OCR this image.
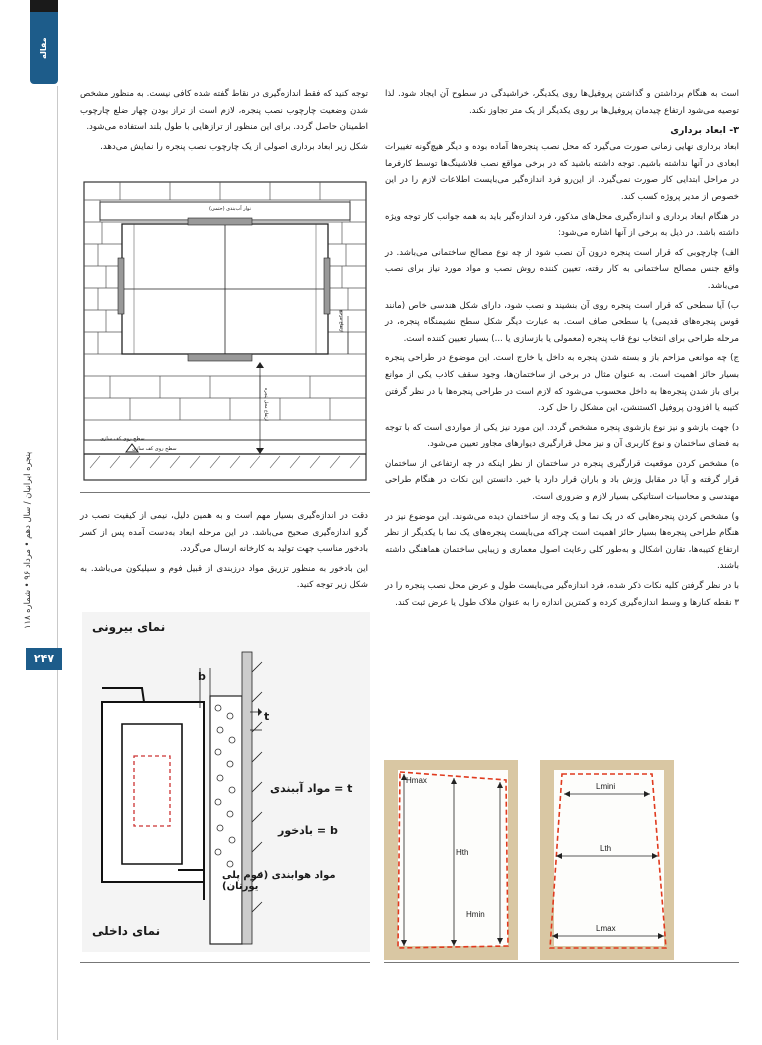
مقاله
پنجره ایرانیان / سال دهم • مرداد ۹۶ • شماره ۱۱۸
۲۴۷

است به هنگام برداشتن و گذاشتن پروفیل‌ها روی یکدیگر، خراشیدگی در سطوح آن ایجاد شود. لذا توصیه می‌شود ارتفاع چیدمان پروفیل‌ها بر روی یکدیگر از یک متر تجاوز نکند.

۳- ابعاد برداری

ابعاد برداری نهایی زمانی صورت می‌گیرد که محل نصب پنجره‌ها آماده بوده و دیگر هیچ‌گونه تغییرات ابعادی در آنها نداشته باشیم. توجه داشته باشید که در برخی مواقع نصب فلاشینگ‌ها توسط کارفرما در مراحل ابتدایی کار صورت نمی‌گیرد. از این‌رو فرد اندازه‌گیر می‌بایست اطلاعات لازم را در این خصوص از مدیر پروژه کسب کند.

در هنگام ابعاد برداری و اندازه‌گیری محل‌های مذکور، فرد اندازه‌گیر باید به همه جوانب کار توجه ویژه داشته باشد. در ذیل به برخی از آنها اشاره می‌شود:

الف) چارچوبی که قرار است پنجره درون آن نصب شود از چه نوع مصالح ساختمانی می‌باشد. در واقع جنس مصالح ساختمانی به کار رفته، تعیین کننده روش نصب و مواد مورد نیاز برای نصب می‌باشد.

ب) آیا سطحی که قرار است پنجره روی آن بنشیند و نصب شود، دارای شکل هندسی خاص (مانند قوس پنجره‌های قدیمی) یا سطحی صاف است. به عبارت دیگر شکل سطح نشیمنگاه پنجره، در مرحله طراحی برای انتخاب نوع قاب پنجره (معمولی یا بازسازی یا ...) بسیار تعیین کننده است.

ج) چه موانعی مزاحم باز و بسته شدن پنجره به داخل یا خارج است. این موضوع در طراحی پنجره بسیار حائز اهمیت است. به عنوان مثال در برخی از ساختمان‌ها، وجود سقف کاذب یکی از موانع برای باز شدن پنجره‌ها به داخل محسوب می‌شود که لازم است در طراحی پنجره‌ها با در نظر گرفتن کتیبه یا افزودن پروفیل اکستنشن، این مشکل را حل کرد.

د) جهت بازشو و نیز نوع بازشوی پنجره مشخص گردد. این مورد نیز یکی از مواردی است که با توجه به فضای ساختمان و نوع کاربری آن و نیز محل قرارگیری دیوارهای مجاور تعیین می‌شود.

ه) مشخص کردن موقعیت قرارگیری پنجره در ساختمان از نظر اینکه در چه ارتفاعی از ساختمان قرار گرفته و آیا در مقابل وزش باد و باران قرار دارد یا خیر. دانستن این نکات در هنگام طراحی مهندسی و محاسبات استاتیکی بسیار لازم و ضروری است.

و) مشخص کردن پنجره‌هایی که در یک نما و یک وجه از ساختمان دیده می‌شوند. این موضوع نیز در هنگام طراحی پنجره‌ها بسیار حائز اهمیت است چراکه می‌بایست پنجره‌های یک نما با یکدیگر از نظر ارتفاع کتیبه‌ها، تقارن اشکال و به‌طور کلی رعایت اصول معماری و زیبایی ساختمان هماهنگی داشته باشند.

با در نظر گرفتن کلیه نکات ذکر شده، فرد اندازه‌گیر می‌بایست طول و عرض محل نصب پنجره را در ۳ نقطه کنارها و وسط اندازه‌گیری کرده و کمترین اندازه را به عنوان ملاک طول یا عرض ثبت کند.

توجه کنید که فقط اندازه‌گیری در نقاط گفته شده کافی نیست. به منظور مشخص شدن وضعیت چارچوب نصب پنجره، لازم است از تراز بودن چهار ضلع چارچوب اطمینان حاصل گردد. برای این منظور از ترازهایی با طول بلند استفاده می‌شود.

شکل زیر ابعاد برداری اصولی از یک چارچوب نصب پنجره را نمایش می‌دهد.

نوار آب‌بندی (حتمی)
ارتفاع مرجع
ارتفاع محل پنجره
سطح روی کف سازی
سطح روی کف سازی

دقت در اندازه‌گیری بسیار مهم است و به همین دلیل، نیمی از کیفیت نصب در گرو اندازه‌گیری صحیح می‌باشد. در این مرحله ابعاد به‌دست آمده پس از کسر بادخور مناسب جهت تولید به کارخانه ارسال می‌گردد.

این بادخور به منظور تزریق مواد درزبندی از قبیل فوم و سیلیکون می‌باشد. به شکل زیر توجه کنید.

نمای بیرونی
b
t
مواد آببندی = t
بادخور = b
مواد هوابندی (فوم پلی یورتان)
نمای داخلی
Hmax
Hth
Hmin
Lmini
Lth
Lmax
